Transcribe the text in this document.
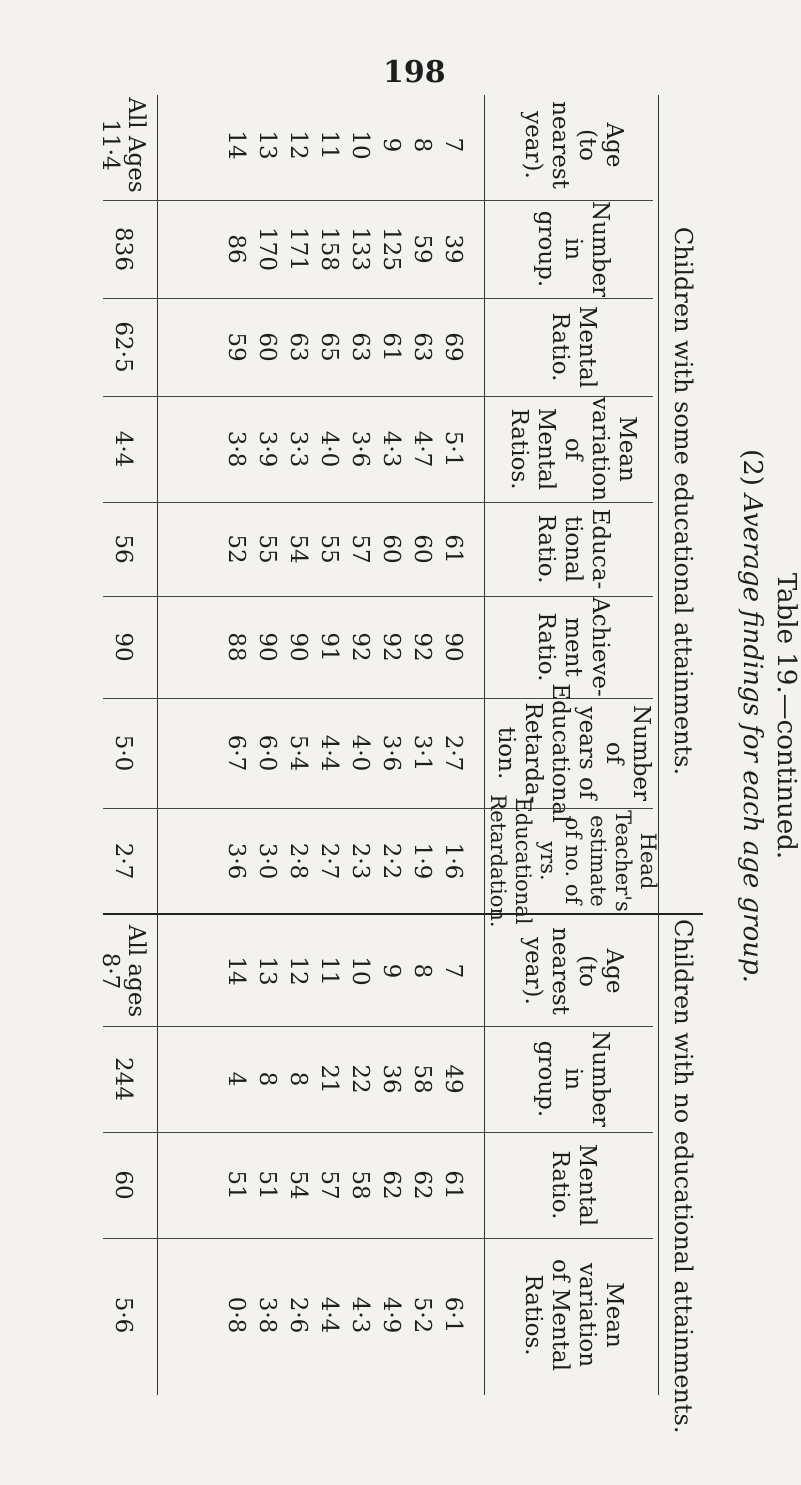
198
Table 19.—continued.
(2) Average findings for each age group.
Children with some educational attainments.
Children with no educational attainments.
Age
(to
nearest
year).
7
8
9
10
11
12
13
14
All Ages
11·4
Number
in
group.
39
59
125
133
158
171
170
86
836
Mental
Ratio.
69
63
61
63
65
63
60
59
62·5
Mean
variation
of Mental
Ratios.
5·1
4·7
4·3
3·6
4·0
3·3
3·9
3·8
4·4
Educa-
tional
Ratio.
61
60
60
57
55
54
55
52
56
Achieve-
ment
Ratio.
90
92
92
92
91
90
90
88
90
Number of
years of
Educational
Retarda-
tion.
2·7
3·1
3·6
4·0
4·4
5·4
6·0
6·7
5·0
Head
Teacher's
estimate
of no. of yrs.
Educational
Retardation.
1·6
1·9
2·2
2·3
2·7
2·8
3·0
3·6
2·7
Age
(to
nearest
year).
7
8
9
10
11
12
13
14
All ages
8·7
Number
in
group.
49
58
36
22
21
8
8
4
244
Mental
Ratio.
61
62
62
58
57
54
51
51
60
Mean
variation
of Mental
Ratios.
6·1
5·2
4·9
4·3
4·4
2·6
3·8
0·8
5·6
